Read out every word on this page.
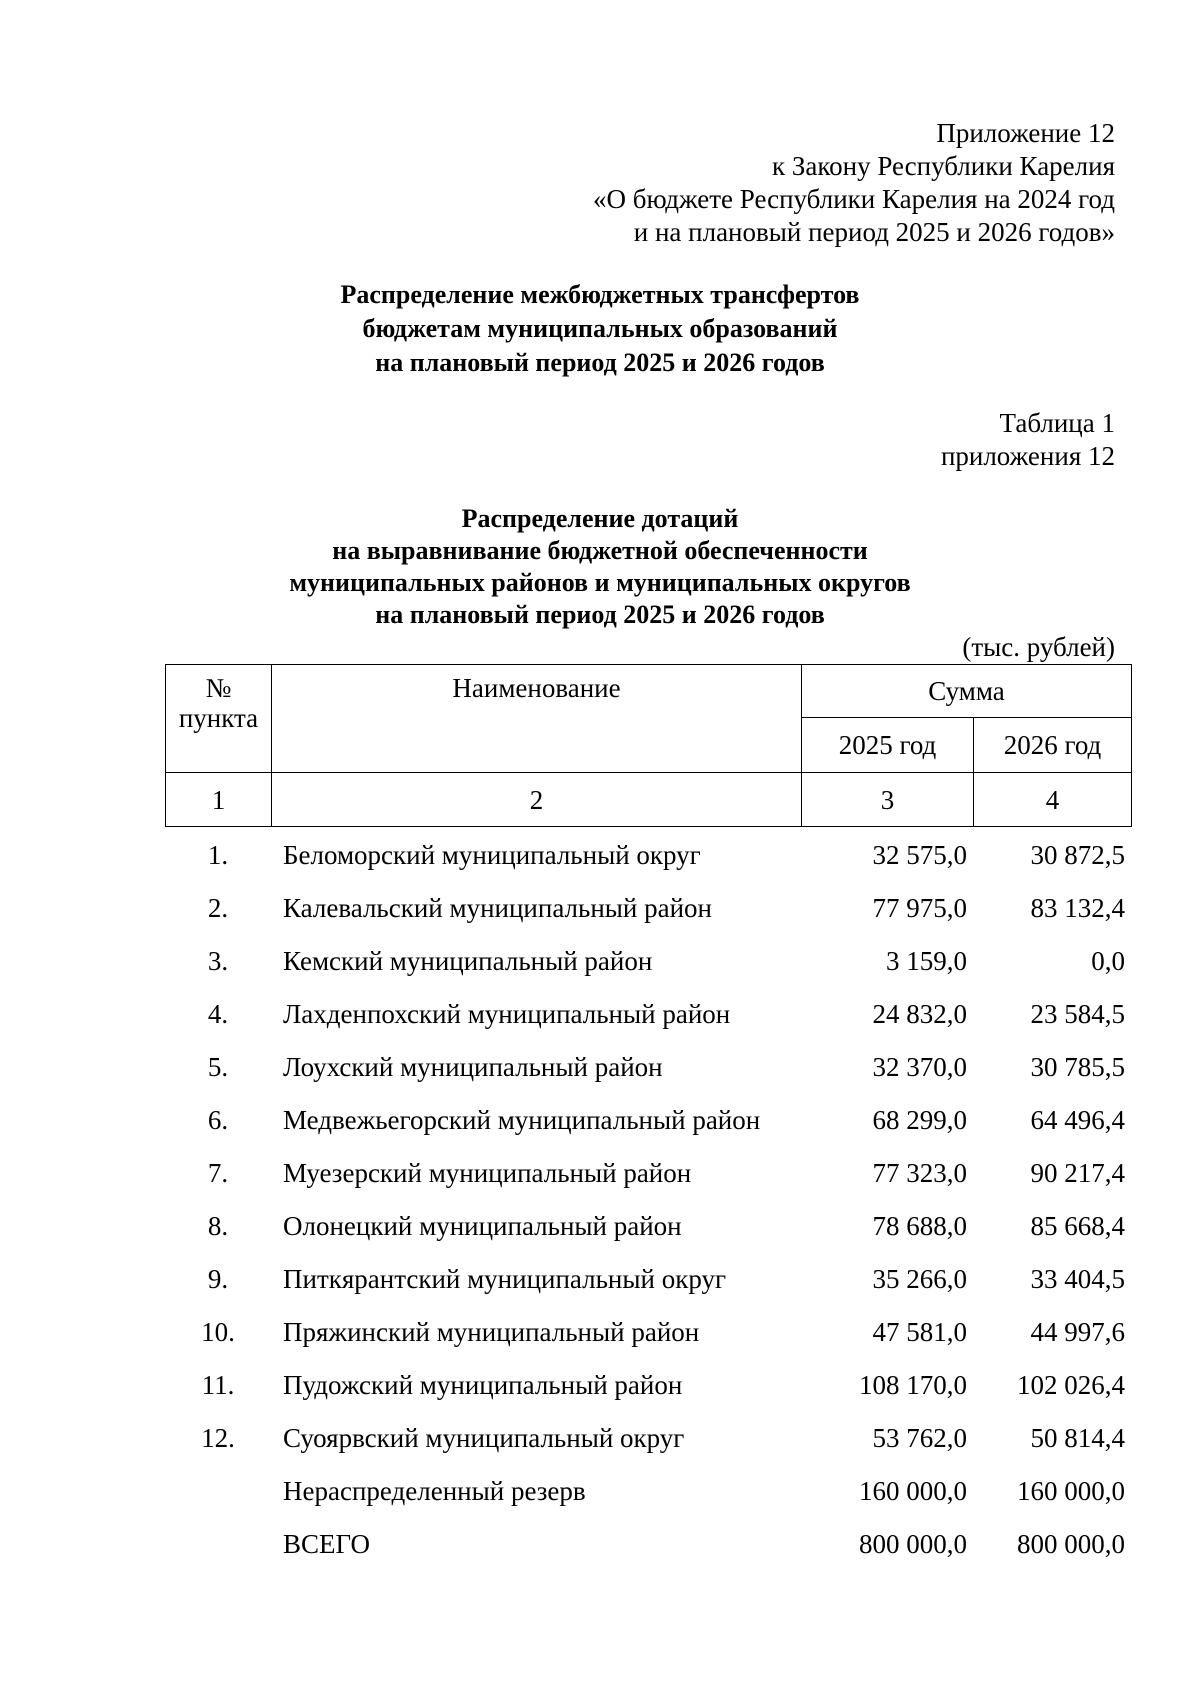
Приложение 12
к Закону Республики Карелия
«О бюджете Республики Карелия на 2024 год
и на плановый период 2025 и 2026 годов»
Распределение межбюджетных трансфертов
бюджетам муниципальных образований
на плановый период 2025 и 2026 годов
Таблица 1
приложения 12
Распределение дотаций
на выравнивание бюджетной обеспеченности
муниципальных районов и муниципальных округов
на плановый период 2025 и 2026 годов
(тыс. рублей)
№
пункта	Наименование	Сумма	
		2025 год	2026 год
1	2	3	4
1.	Беломорский муниципальный округ	32 575,0	30 872,5
2.	Калевальский муниципальный район	77 975,0	83 132,4
3.	Кемский муниципальный район	3 159,0	0,0
4.	Лахденпохский муниципальный район	24 832,0	23 584,5
5.	Лоухский муниципальный район	32 370,0	30 785,5
6.	Медвежьегорский муниципальный район	68 299,0	64 496,4
7.	Муезерский муниципальный район	77 323,0	90 217,4
8.	Олонецкий муниципальный район	78 688,0	85 668,4
9.	Питкярантский муниципальный округ	35 266,0	33 404,5
10.	Пряжинский муниципальный район	47 581,0	44 997,6
11.	Пудожский муниципальный район	108 170,0	102 026,4
12.	Суоярвский муниципальный округ	53 762,0	50 814,4
	Нераспределенный резерв	160 000,0	160 000,0
	ВСЕГО	800 000,0	800 000,0
